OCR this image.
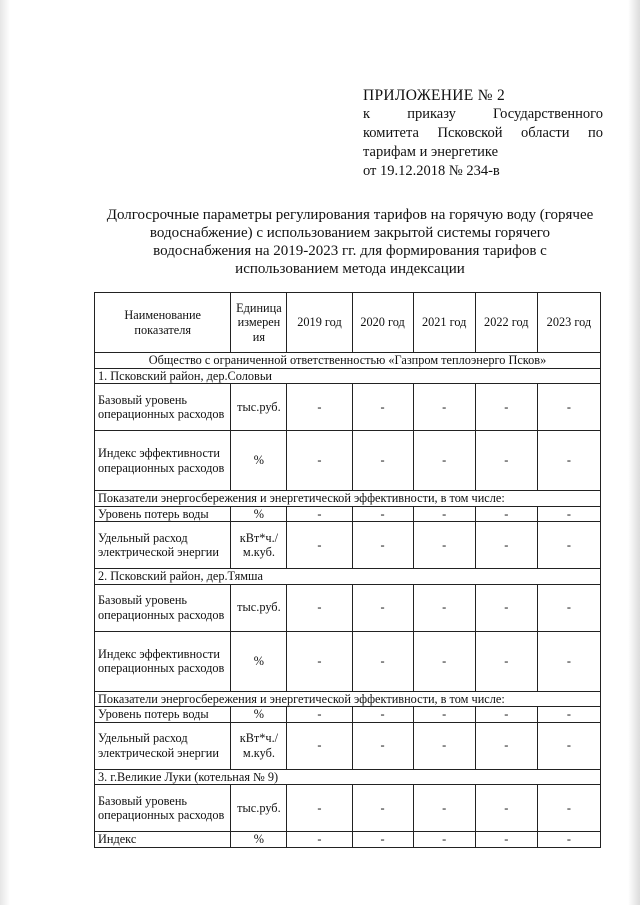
ПРИЛОЖЕНИЕ № 2
к приказу Государственного
комитета Псковской области по
тарифам и энергетике
от 19.12.2018 № 234-в
Долгосрочные параметры регулирования тарифов на горячую воду (горячее водоснабжение) с использованием закрытой системы горячего водоснабжения на 2019-2023 гг. для формирования тарифов с использованием метода индексации
Наименование показателя	Единица измерен ия	2019 год	2020 год	2021 год	2022 год	2023 год
Общество с ограниченной ответственностью «Газпром теплоэнерго Псков»						
1. Псковский район, дер.Соловьи						
Базовый уровень операционных расходов	тыс.руб.	-	-	-	-	-
Индекс эффективности операционных расходов	%	-	-	-	-	-
Показатели энергосбережения и энергетической эффективности, в том числе:						
Уровень потерь воды	%	-	-	-	-	-
Удельный расход электрической энергии	кВт*ч./м.куб.	-	-	-	-	-
2. Псковский район, дер.Тямша						
Базовый уровень операционных расходов	тыс.руб.	-	-	-	-	-
Индекс эффективности операционных расходов	%	-	-	-	-	-
Показатели энергосбережения и энергетической эффективности, в том числе:						
Уровень потерь воды	%	-	-	-	-	-
Удельный расход электрической энергии	кВт*ч./м.куб.	-	-	-	-	-
3. г.Великие Луки (котельная № 9)						
Базовый уровень операционных расходов	тыс.руб.	-	-	-	-	-
Индекс	%	-	-	-	-	-
